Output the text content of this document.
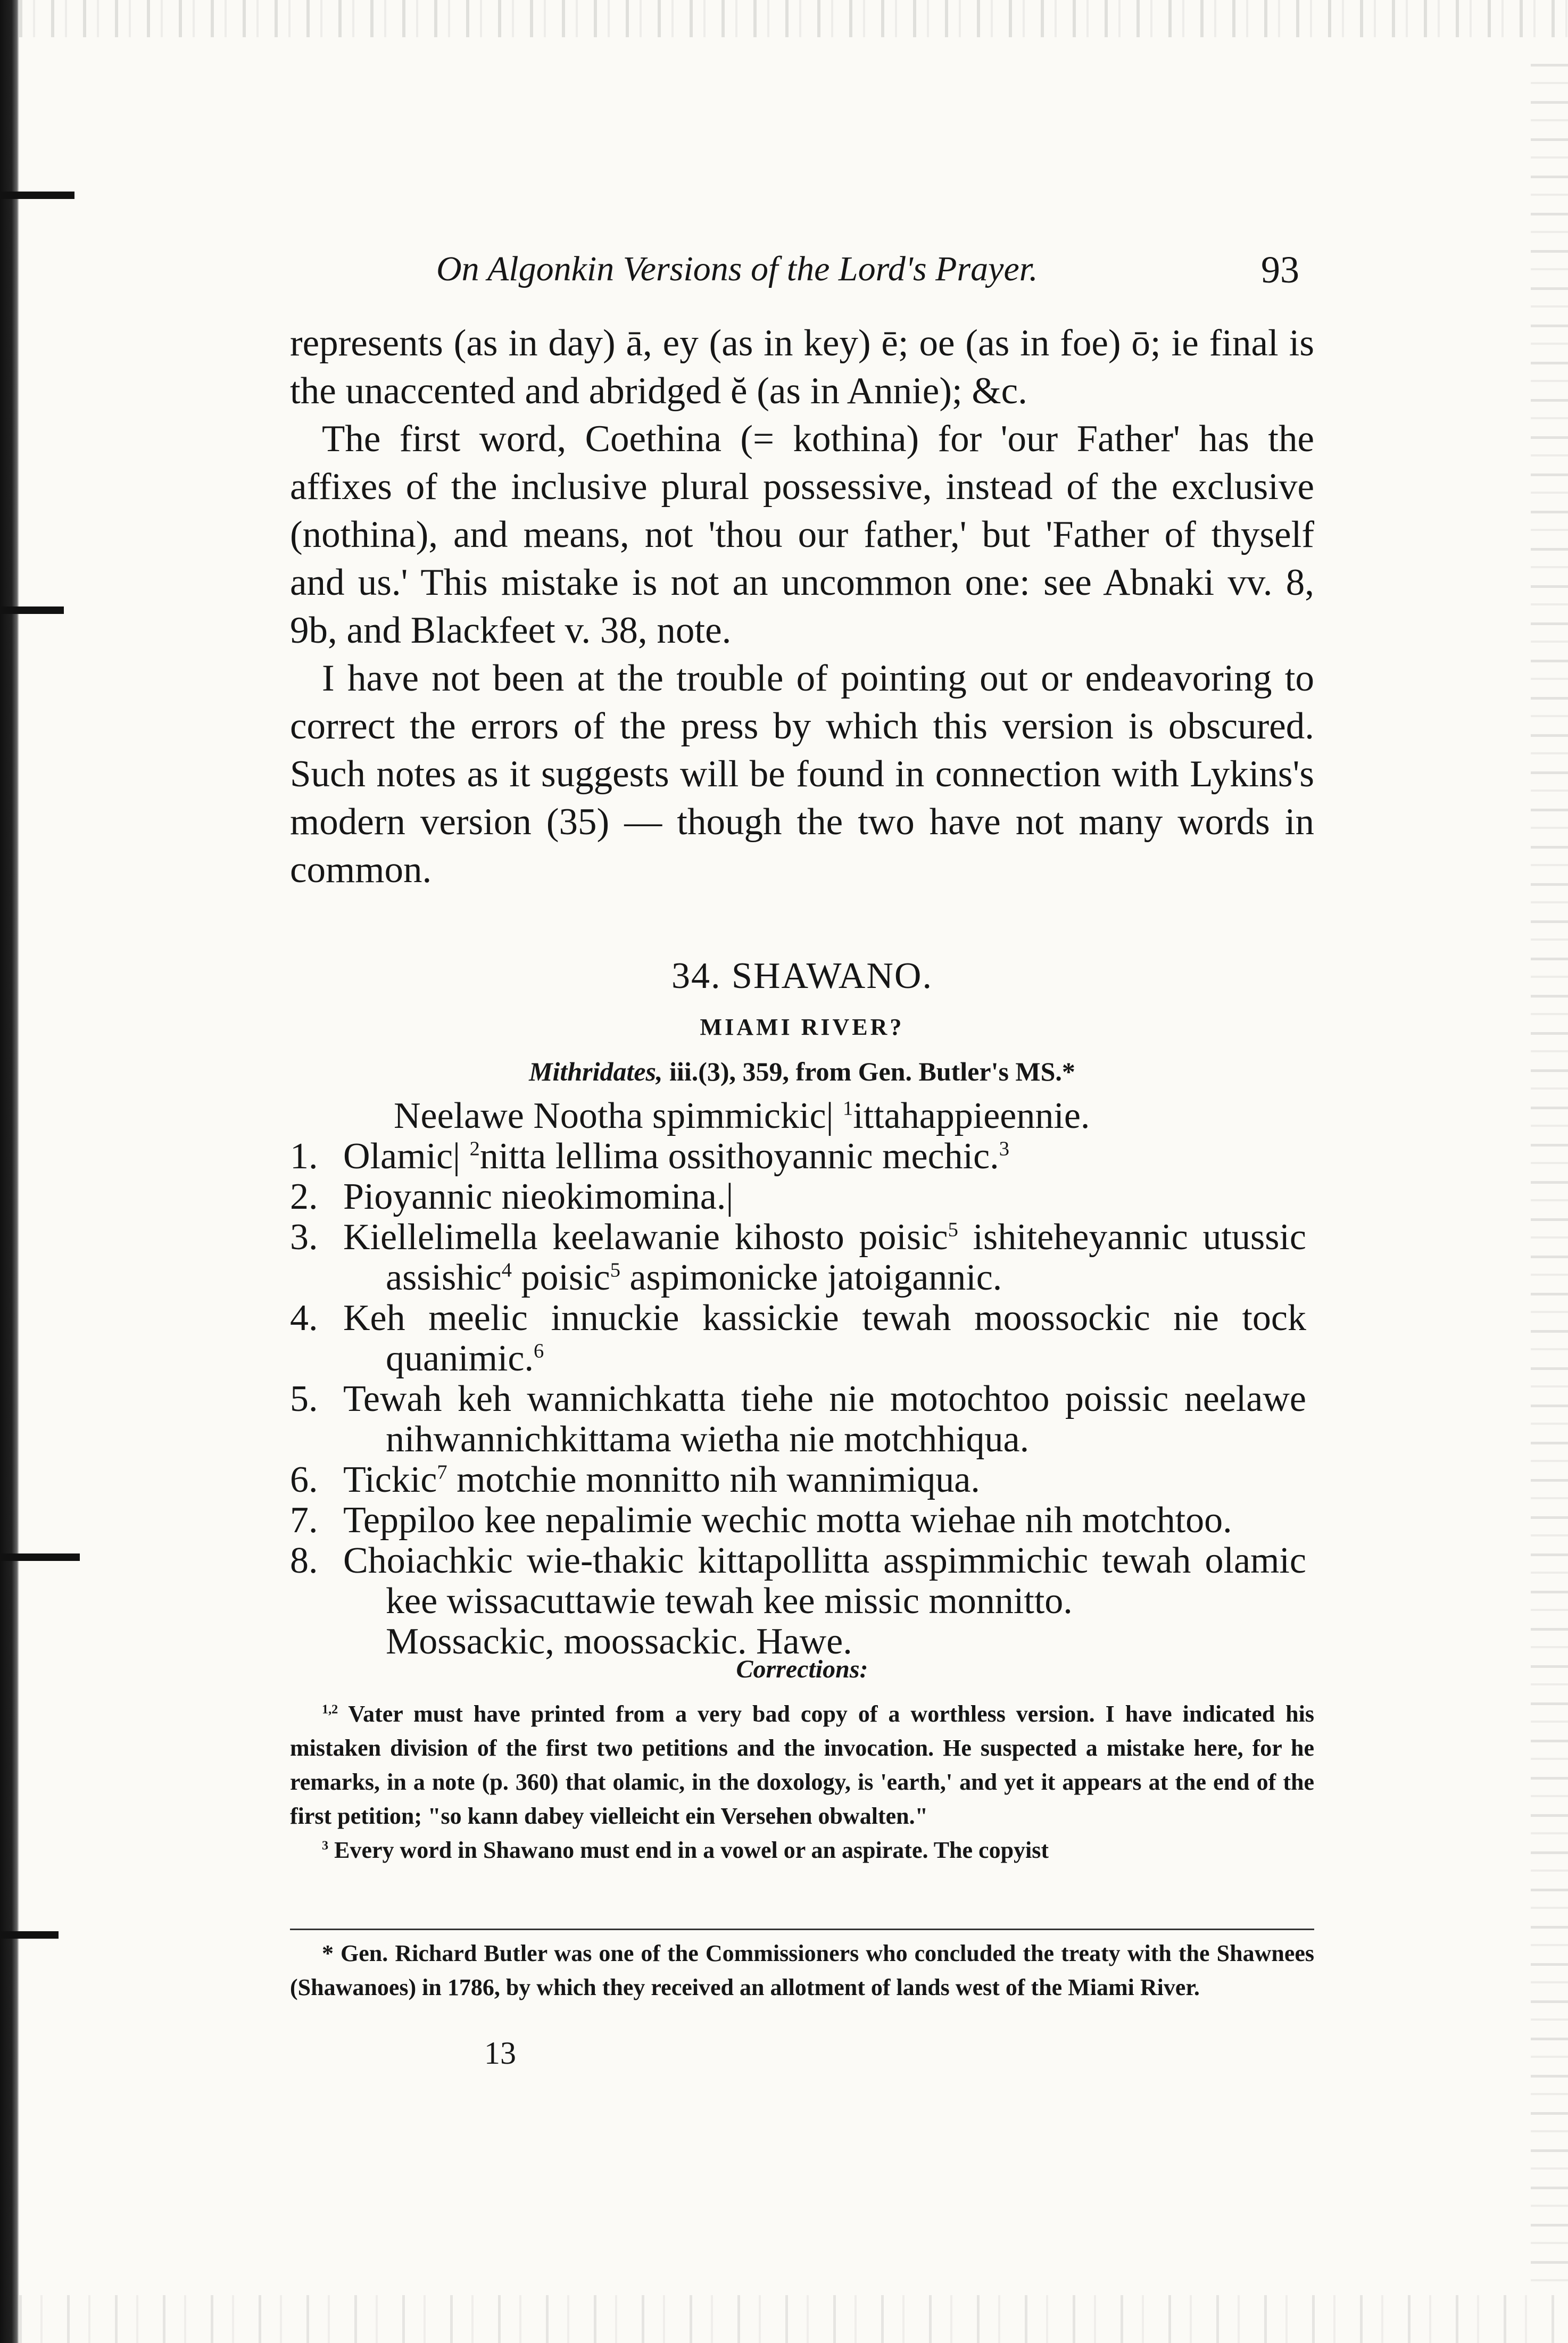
On Algonkin Versions of the Lord's Prayer.	93

represents (as in day) ā, ey (as in key) ē; oe (as in foe) ō; ie final is the unaccented and abridged ĕ (as in Annie); &c.

The first word, Coethina (= kothina) for 'our Father' has the affixes of the inclusive plural possessive, instead of the exclusive (nothina), and means, not 'thou our father,' but 'Father of thyself and us.' This mistake is not an uncommon one: see Abnaki vv. 8, 9b, and Blackfeet v. 38, note.

I have not been at the trouble of pointing out or endeavoring to correct the errors of the press by which this version is obscured. Such notes as it suggests will be found in connection with Lykins's modern version (35) — though the two have not many words in common.

34. SHAWANO.
MIAMI RIVER?
Mithridates, iii.(3), 359, from Gen. Butler's MS.*

Neelawe Nootha spimmickic| $^1$ittahappieennie.

1. Olamic| $^2$nitta lellima ossithoyannic mechic.$^3$
2. Pioyannic nieokimomina.|
3. Kiellelimella keelawanie kihosto poisic$^5$ ishiteheyannic utussic assishic$^4$ poisic$^5$ aspimonicke jatoigannic.
4. Keh meelic innuckie kassickie tewah moossockic nie tock quanimic.$^6$
5. Tewah keh wannichkatta tiehe nie motochtoo poissic neelawe nihwannichkittama wietha nie motchhiqua.
6. Tickic$^7$ motchie monnitto nih wannimiqua.
7. Teppiloo kee nepalimie wechic motta wiehae nih motchtoo.
8. Choiachkic wie-thakic kittapollitta asspimmichic tewah olamic kee wissacuttawie tewah kee missic monnitto.

Mossackic, moossackic. Hawe.

Corrections:

$^{1,2}$ Vater must have printed from a very bad copy of a worthless version. I have indicated his mistaken division of the first two petitions and the invocation. He suspected a mistake here, for he remarks, in a note (p. 360) that olamic, in the doxology, is 'earth,' and yet it appears at the end of the first petition; "so kann dabey vielleicht ein Versehen obwalten."

$^3$ Every word in Shawano must end in a vowel or an aspirate. The copyist

* Gen. Richard Butler was one of the Commissioners who concluded the treaty with the Shawnees (Shawanoes) in 1786, by which they received an allotment of lands west of the Miami River.

13
